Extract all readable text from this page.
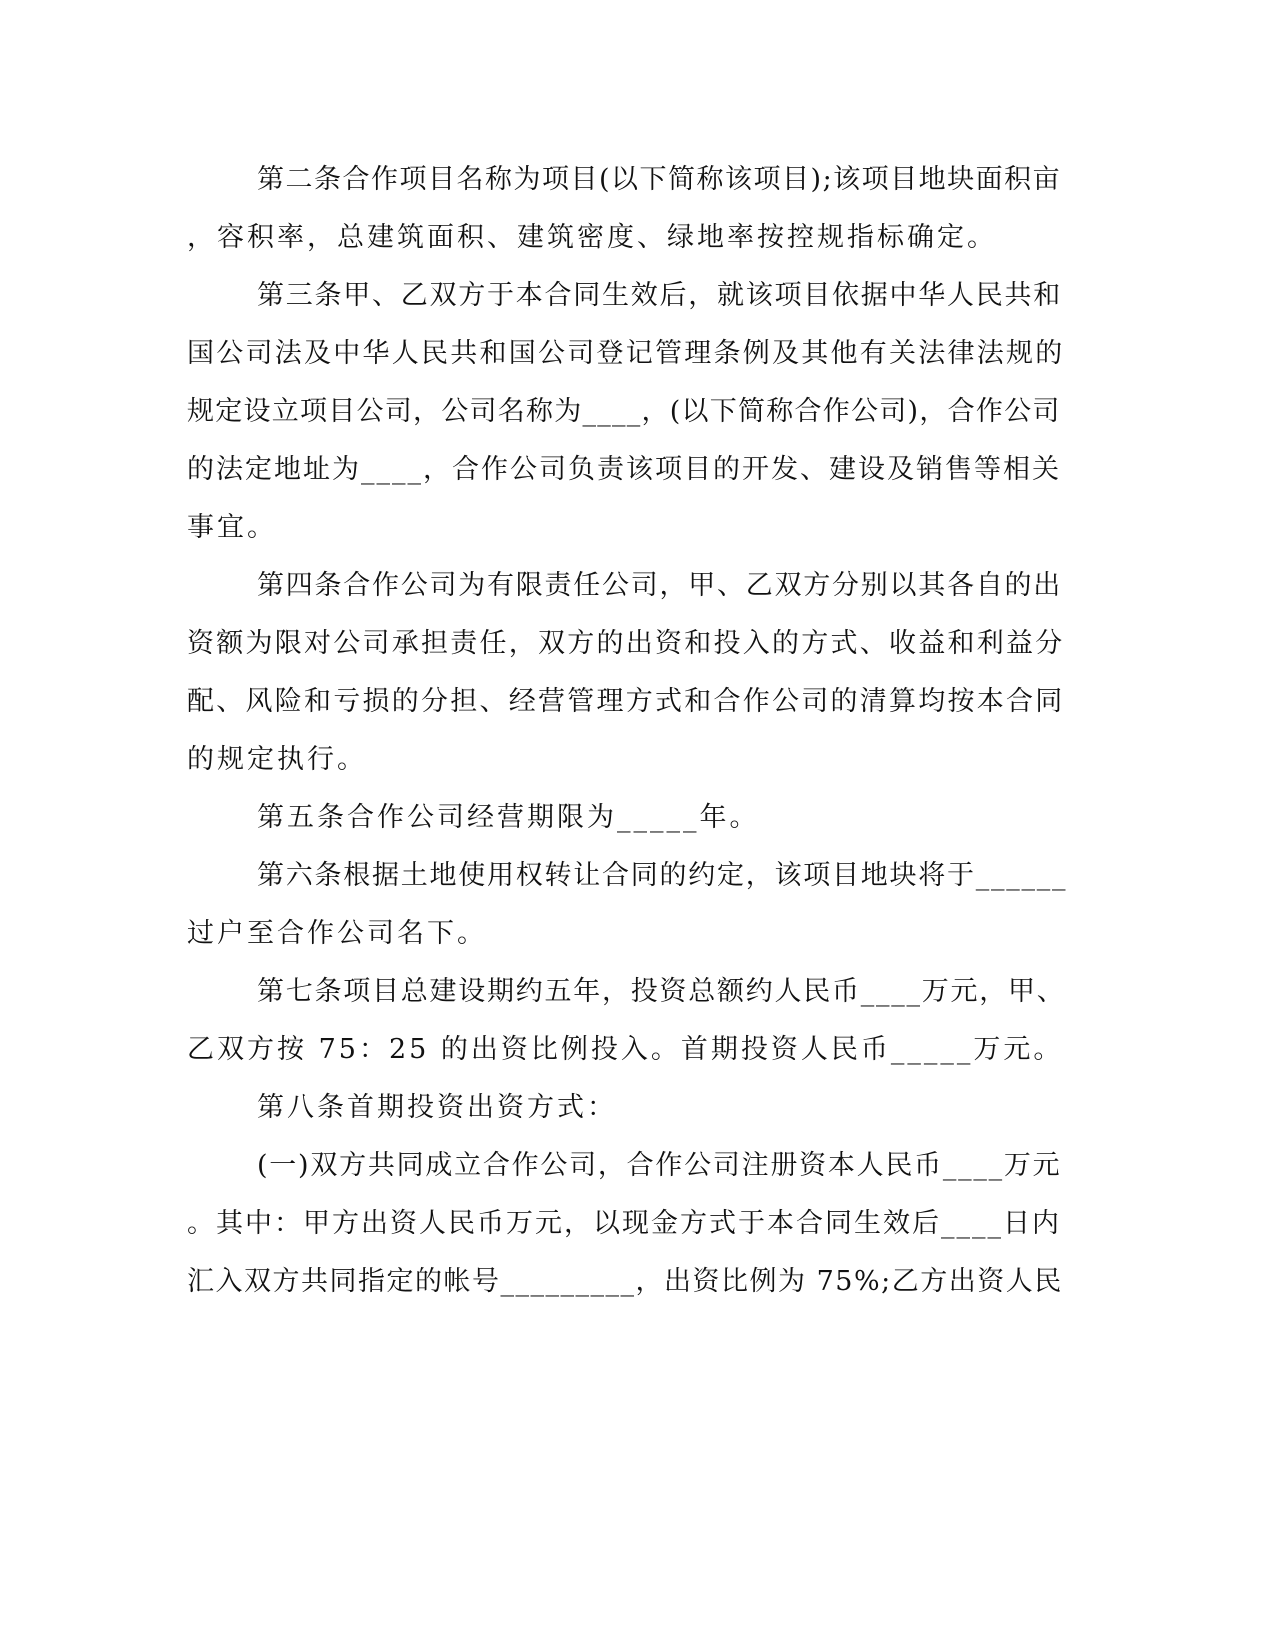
第二条合作项目名称为项目(以下简称该项目);该项目地块面积亩
，容积率，总建筑面积、建筑密度、绿地率按控规指标确定。
第三条甲、乙双方于本合同生效后，就该项目依据中华人民共和
国公司法及中华人民共和国公司登记管理条例及其他有关法律法规的
规定设立项目公司，公司名称为____，(以下简称合作公司)，合作公司
的法定地址为____，合作公司负责该项目的开发、建设及销售等相关
事宜。
第四条合作公司为有限责任公司，甲、乙双方分别以其各自的出
资额为限对公司承担责任，双方的出资和投入的方式、收益和利益分
配、风险和亏损的分担、经营管理方式和合作公司的清算均按本合同
的规定执行。
第五条合作公司经营期限为_____年。
第六条根据土地使用权转让合同的约定，该项目地块将于______
过户至合作公司名下。
第七条项目总建设期约五年，投资总额约人民币____万元，甲、
乙双方按 75：25 的出资比例投入。首期投资人民币_____万元。
第八条首期投资出资方式：
(一)双方共同成立合作公司，合作公司注册资本人民币____万元
。其中：甲方出资人民币万元，以现金方式于本合同生效后____日内
汇入双方共同指定的帐号_________，出资比例为 75%;乙方出资人民
